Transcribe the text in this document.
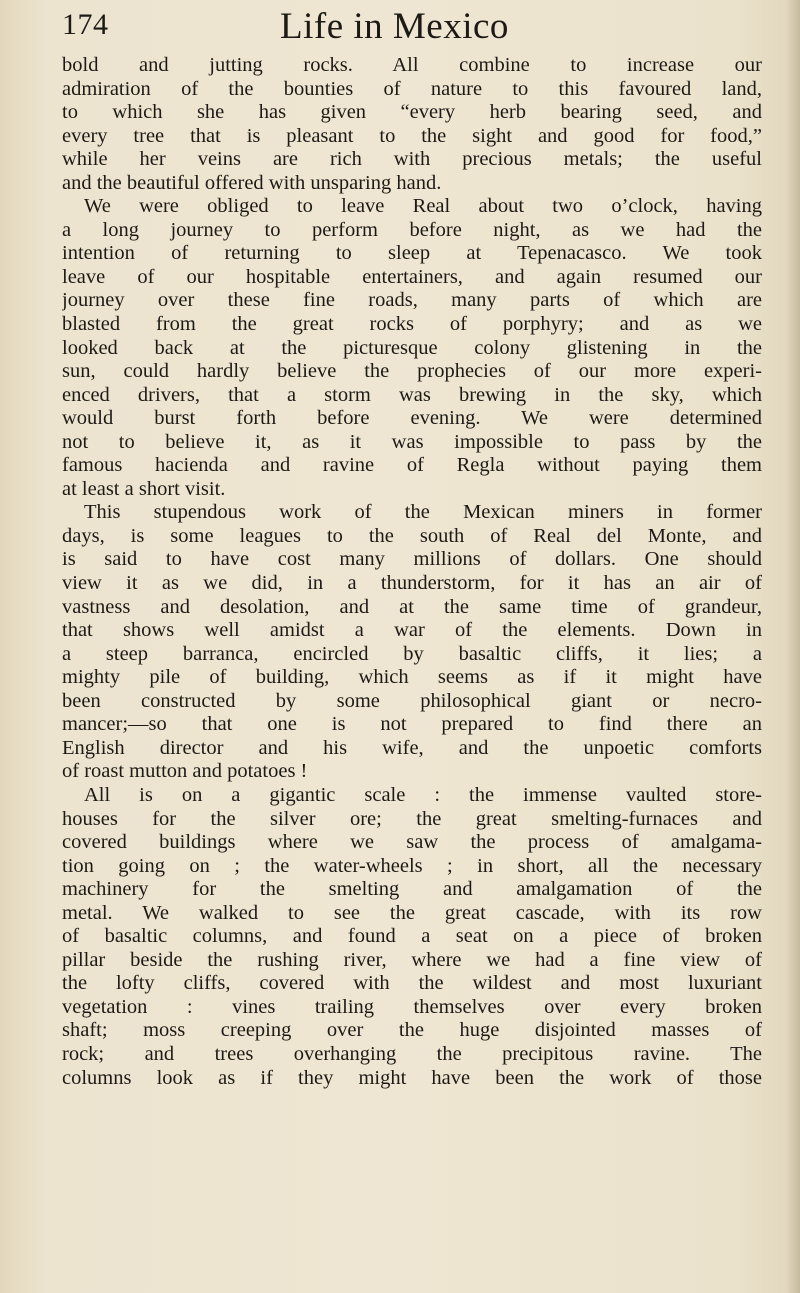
174	Life in Mexico
bold and jutting rocks. All combine to increase our
admiration of the bounties of nature to this favoured land,
to which she has given “every herb bearing seed, and
every tree that is pleasant to the sight and good for food,”
while her veins are rich with precious metals; the useful
and the beautiful offered with unsparing hand.
We were obliged to leave Real about two o’clock, having
a long journey to perform before night, as we had the
intention of returning to sleep at Tepenacasco. We took
leave of our hospitable entertainers, and again resumed our
journey over these fine roads, many parts of which are
blasted from the great rocks of porphyry; and as we
looked back at the picturesque colony glistening in the
sun, could hardly believe the prophecies of our more experi-
enced drivers, that a storm was brewing in the sky, which
would burst forth before evening. We were determined
not to believe it, as it was impossible to pass by the
famous hacienda and ravine of Regla without paying them
at least a short visit.
This stupendous work of the Mexican miners in former
days, is some leagues to the south of Real del Monte, and
is said to have cost many millions of dollars. One should
view it as we did, in a thunderstorm, for it has an air of
vastness and desolation, and at the same time of grandeur,
that shows well amidst a war of the elements. Down in
a steep barranca, encircled by basaltic cliffs, it lies; a
mighty pile of building, which seems as if it might have
been constructed by some philosophical giant or necro-
mancer;—so that one is not prepared to find there an
English director and his wife, and the unpoetic comforts
of roast mutton and potatoes !
All is on a gigantic scale : the immense vaulted store-
houses for the silver ore; the great smelting-furnaces and
covered buildings where we saw the process of amalgama-
tion going on ; the water-wheels ; in short, all the necessary
machinery for the smelting and amalgamation of the
metal. We walked to see the great cascade, with its row
of basaltic columns, and found a seat on a piece of broken
pillar beside the rushing river, where we had a fine view of
the lofty cliffs, covered with the wildest and most luxuriant
vegetation : vines trailing themselves over every broken
shaft; moss creeping over the huge disjointed masses of
rock; and trees overhanging the precipitous ravine. The
columns look as if they might have been the work of those
